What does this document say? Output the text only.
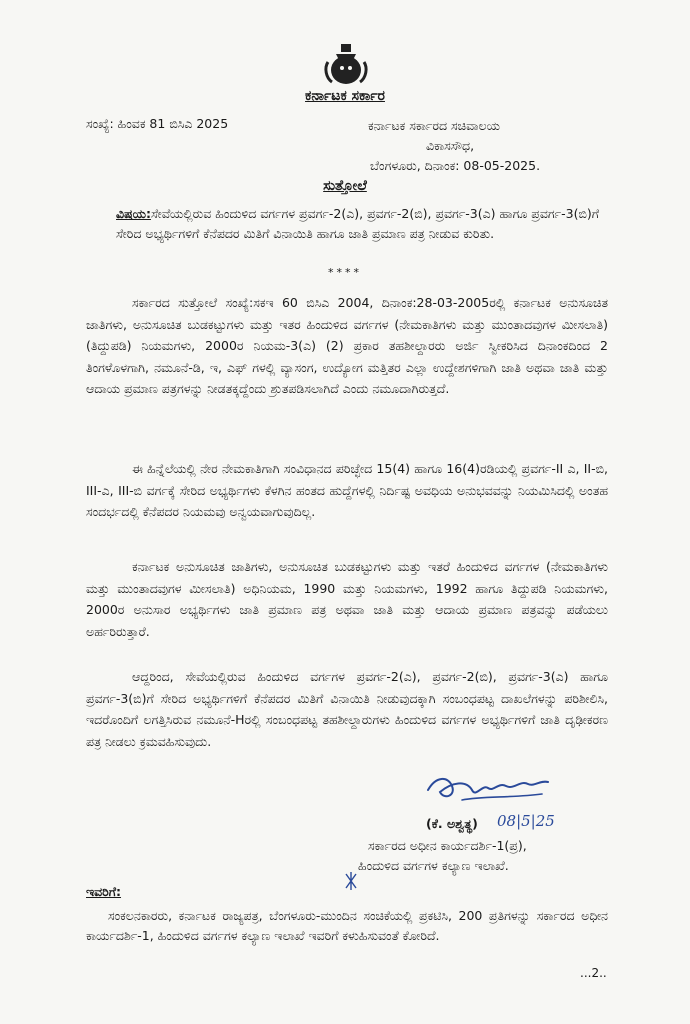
ಕರ್ನಾಟಕ ಸರ್ಕಾರ
ಸಂಖ್ಯೆ: ಹಿಂವಕ 81 ಬಿಸಿಎ 2025	ಕರ್ನಾಟಕ ಸರ್ಕಾರದ ಸಚಿವಾಲಯ
ವಿಕಾಸಸೌಧ,
ಬೆಂಗಳೂರು, ದಿನಾಂಕ: 08-05-2025.
ಸುತ್ತೋಲೆ
ವಿಷಯ:ಸೇವೆಯಲ್ಲಿರುವ ಹಿಂದುಳಿದ ವರ್ಗಗಳ ಪ್ರವರ್ಗ-2(ಎ), ಪ್ರವರ್ಗ-2(ಬಿ), ಪ್ರವರ್ಗ-3(ಎ) ಹಾಗೂ ಪ್ರವರ್ಗ-3(ಬಿ)ಗೆ ಸೇರಿದ ಅಭ್ಯರ್ಥಿಗಳಿಗೆ ಕೆನೆಪದರ ಮಿತಿಗೆ ವಿನಾಯಿತಿ ಹಾಗೂ ಜಾತಿ ಪ್ರಮಾಣ ಪತ್ರ ನೀಡುವ ಕುರಿತು.
****
ಸರ್ಕಾರದ ಸುತ್ತೋಲೆ ಸಂಖ್ಯೆ:ಸಕಇ 60 ಬಿಸಿಎ 2004, ದಿನಾಂಕ:28-03-2005ರಲ್ಲಿ ಕರ್ನಾಟಕ ಅನುಸೂಚಿತ ಜಾತಿಗಳು, ಅನುಸೂಚಿತ ಬುಡಕಟ್ಟುಗಳು ಮತ್ತು ಇತರ ಹಿಂದುಳಿದ ವರ್ಗಗಳ (ನೇಮಕಾತಿಗಳು ಮತ್ತು ಮುಂತಾದವುಗಳ ಮೀಸಲಾತಿ) (ತಿದ್ದುಪಡಿ) ನಿಯಮಗಳು, 2000ರ ನಿಯಮ-3(ಎ) (2) ಪ್ರಕಾರ ತಹಶೀಲ್ದಾರರು ಅರ್ಜಿ ಸ್ವೀಕರಿಸಿದ ದಿನಾಂಕದಿಂದ 2 ತಿಂಗಳೊಳಗಾಗಿ, ನಮೂನೆ-ಡಿ, ಇ, ಎಫ್ ಗಳಲ್ಲಿ ವ್ಯಾಸಂಗ, ಉದ್ಯೋಗ ಮತ್ತಿತರ ಎಲ್ಲಾ ಉದ್ದೇಶಗಳಿಗಾಗಿ ಜಾತಿ ಅಥವಾ ಜಾತಿ ಮತ್ತು ಆದಾಯ ಪ್ರಮಾಣ ಪತ್ರಗಳನ್ನು ನೀಡತಕ್ಕದ್ದೆಂದು ಶ್ರುತಪಡಿಸಲಾಗಿದೆ ಎಂದು ನಮೂದಾಗಿರುತ್ತದೆ.
ಈ ಹಿನ್ನೆಲೆಯಲ್ಲಿ ನೇರ ನೇಮಕಾತಿಗಾಗಿ ಸಂವಿಧಾನದ ಪರಿಚ್ಛೇದ 15(4) ಹಾಗೂ 16(4)ರಡಿಯಲ್ಲಿ ಪ್ರವರ್ಗ-II ಎ, II-ಬಿ, III-ಎ, III-ಬಿ ವರ್ಗಕ್ಕೆ ಸೇರಿದ ಅಭ್ಯರ್ಥಿಗಳು ಕೆಳಗಿನ ಹಂತದ ಹುದ್ದೆಗಳಲ್ಲಿ ನಿರ್ದಿಷ್ಟ ಅವಧಿಯ ಅನುಭವವನ್ನು ನಿಯಮಿಸಿದಲ್ಲಿ ಅಂತಹ ಸಂದರ್ಭದಲ್ಲಿ ಕೆನೆಪದರ ನಿಯಮವು ಅನ್ವಯವಾಗುವುದಿಲ್ಲ.
ಕರ್ನಾಟಕ ಅನುಸೂಚಿತ ಜಾತಿಗಳು, ಅನುಸೂಚಿತ ಬುಡಕಟ್ಟುಗಳು ಮತ್ತು ಇತರೆ ಹಿಂದುಳಿದ ವರ್ಗಗಳ (ನೇಮಕಾತಿಗಳು ಮತ್ತು ಮುಂತಾದವುಗಳ ಮೀಸಲಾತಿ) ಅಧಿನಿಯಮ, 1990 ಮತ್ತು ನಿಯಮಗಳು, 1992 ಹಾಗೂ ತಿದ್ದುಪಡಿ ನಿಯಮಗಳು, 2000ರ ಅನುಸಾರ ಅಭ್ಯರ್ಥಿಗಳು ಜಾತಿ ಪ್ರಮಾಣ ಪತ್ರ ಅಥವಾ ಜಾತಿ ಮತ್ತು ಆದಾಯ ಪ್ರಮಾಣ ಪತ್ರವನ್ನು ಪಡೆಯಲು ಅರ್ಹರಿರುತ್ತಾರೆ.
ಆದ್ದರಿಂದ, ಸೇವೆಯಲ್ಲಿರುವ ಹಿಂದುಳಿದ ವರ್ಗಗಳ ಪ್ರವರ್ಗ-2(ಎ), ಪ್ರವರ್ಗ-2(ಬಿ), ಪ್ರವರ್ಗ-3(ಎ) ಹಾಗೂ ಪ್ರವರ್ಗ-3(ಬಿ)ಗೆ ಸೇರಿದ ಅಭ್ಯರ್ಥಿಗಳಿಗೆ ಕೆನೆಪದರ ಮಿತಿಗೆ ವಿನಾಯಿತಿ ನೀಡುವುದಕ್ಕಾಗಿ ಸಂಬಂಧಪಟ್ಟ ದಾಖಲೆಗಳನ್ನು ಪರಿಶೀಲಿಸಿ, ಇದರೊಂದಿಗೆ ಲಗತ್ತಿಸಿರುವ ನಮೂನೆ-Hರಲ್ಲಿ ಸಂಬಂಧಪಟ್ಟ ತಹಶೀಲ್ದಾರುಗಳು ಹಿಂದುಳಿದ ವರ್ಗಗಳ ಅಭ್ಯರ್ಥಿಗಳಿಗೆ ಜಾತಿ ದೃಢೀಕರಣ ಪತ್ರ ನೀಡಲು ಕ್ರಮವಹಿಸುವುದು.
08|5|25
(ಕೆ. ಅಶ್ವತ್ಥ)
ಸರ್ಕಾರದ ಅಧೀನ ಕಾರ್ಯದರ್ಶಿ-1(ಪ್ರ),
ಹಿಂದುಳಿದ ವರ್ಗಗಳ ಕಲ್ಯಾಣ ಇಲಾಖೆ.
ಇವರಿಗೆ:
ಸಂಕಲನಕಾರರು, ಕರ್ನಾಟಕ ರಾಜ್ಯಪತ್ರ, ಬೆಂಗಳೂರು-ಮುಂದಿನ ಸಂಚಿಕೆಯಲ್ಲಿ ಪ್ರಕಟಿಸಿ, 200 ಪ್ರತಿಗಳನ್ನು ಸರ್ಕಾರದ ಅಧೀನ ಕಾರ್ಯದರ್ಶಿ-1, ಹಿಂದುಳಿದ ವರ್ಗಗಳ ಕಲ್ಯಾಣ ಇಲಾಖೆ ಇವರಿಗೆ ಕಳುಹಿಸುವಂತೆ ಕೋರಿದೆ.
...2..
